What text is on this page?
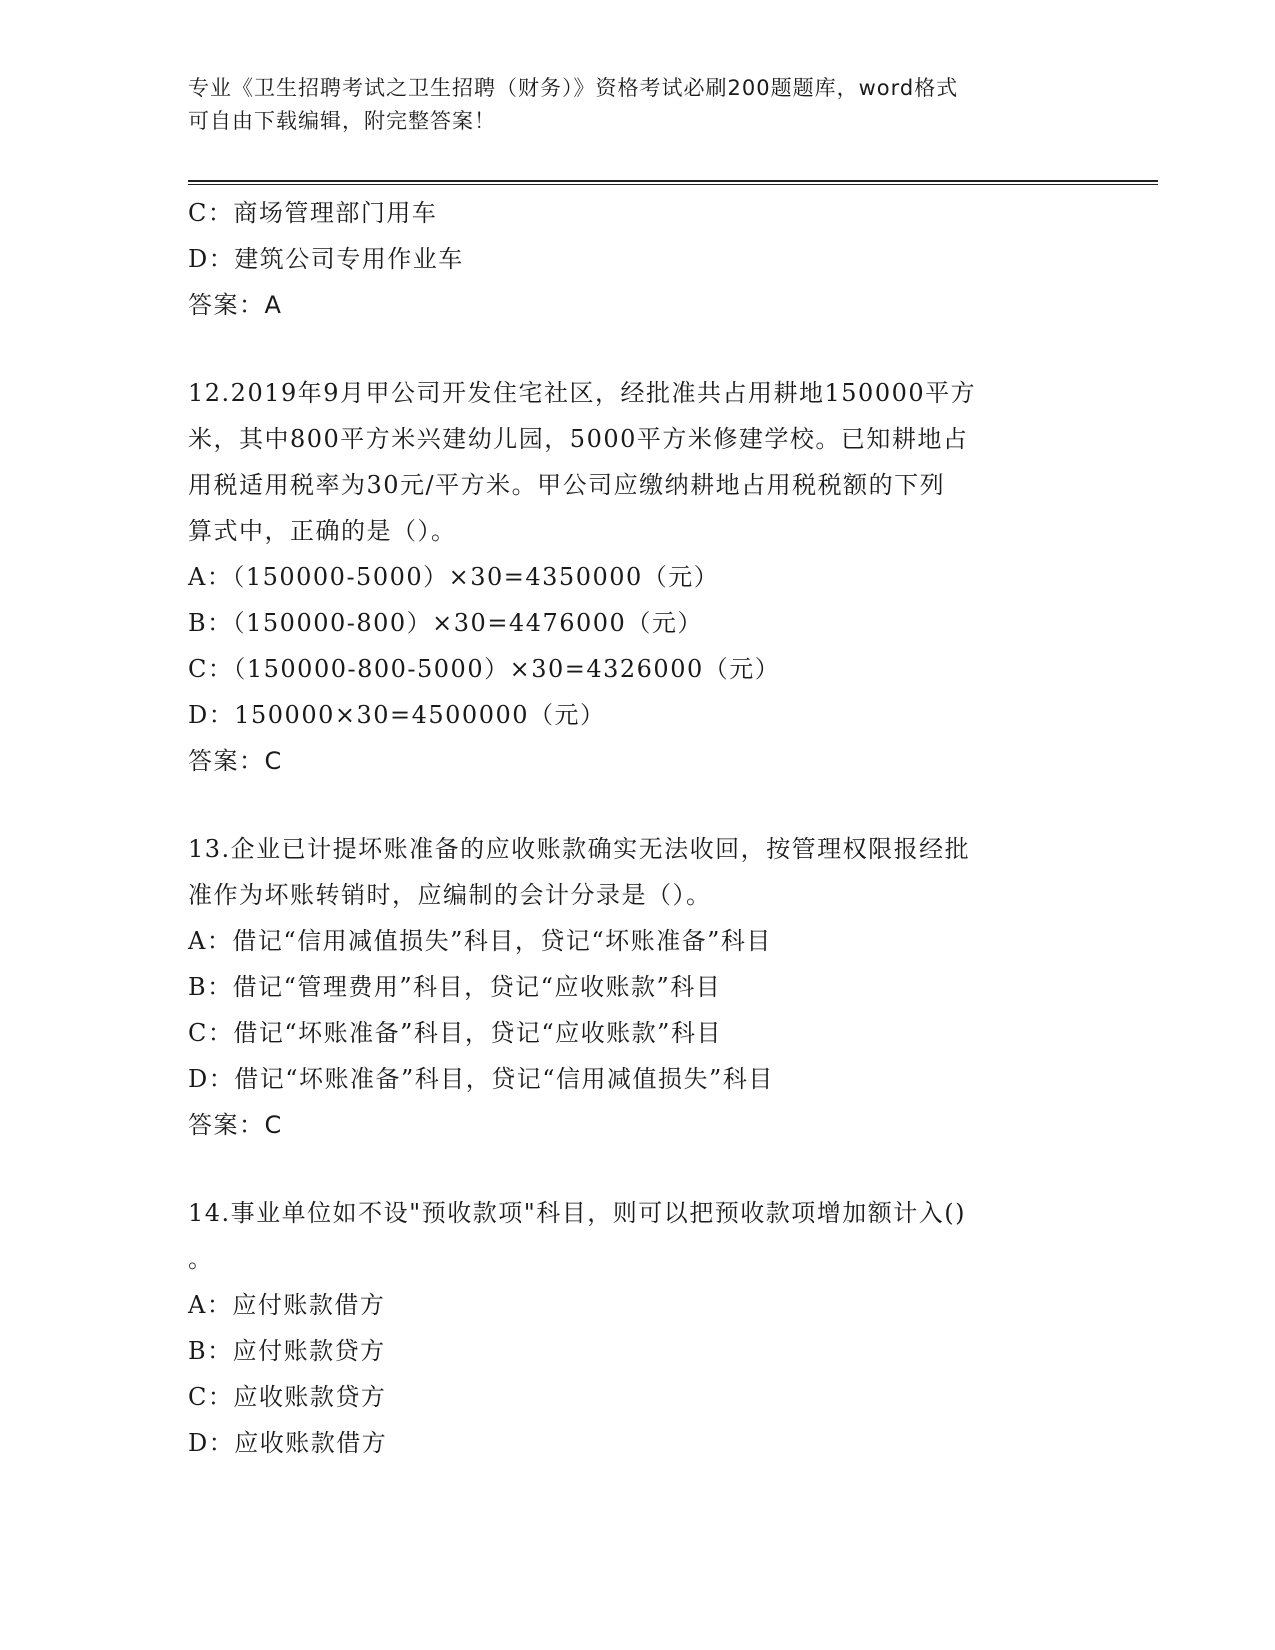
专业《卫生招聘考试之卫生招聘（财务）》资格考试必刷200题题库，word格式
可自由下载编辑，附完整答案！
C：商场管理部门用车
D：建筑公司专用作业车
答案：A
12.2019年9月甲公司开发住宅社区，经批准共占用耕地150000平方
米，其中800平方米兴建幼儿园，5000平方米修建学校。已知耕地占
用税适用税率为30元/平方米。甲公司应缴纳耕地占用税税额的下列
算式中，正确的是（）。
A：（150000-5000）×30=4350000（元）
B：（150000-800）×30=4476000（元）
C：（150000-800-5000）×30=4326000（元）
D：150000×30=4500000（元）
答案：C
13.企业已计提坏账准备的应收账款确实无法收回，按管理权限报经批
准作为坏账转销时，应编制的会计分录是（）。
A：借记“信用减值损失”科目，贷记“坏账准备”科目
B：借记“管理费用”科目，贷记“应收账款”科目
C：借记“坏账准备”科目，贷记“应收账款”科目
D：借记“坏账准备”科目，贷记“信用减值损失”科目
答案：C
14.事业单位如不设"预收款项"科目，则可以把预收款项增加额计入()
。
A：应付账款借方
B：应付账款贷方
C：应收账款贷方
D：应收账款借方
